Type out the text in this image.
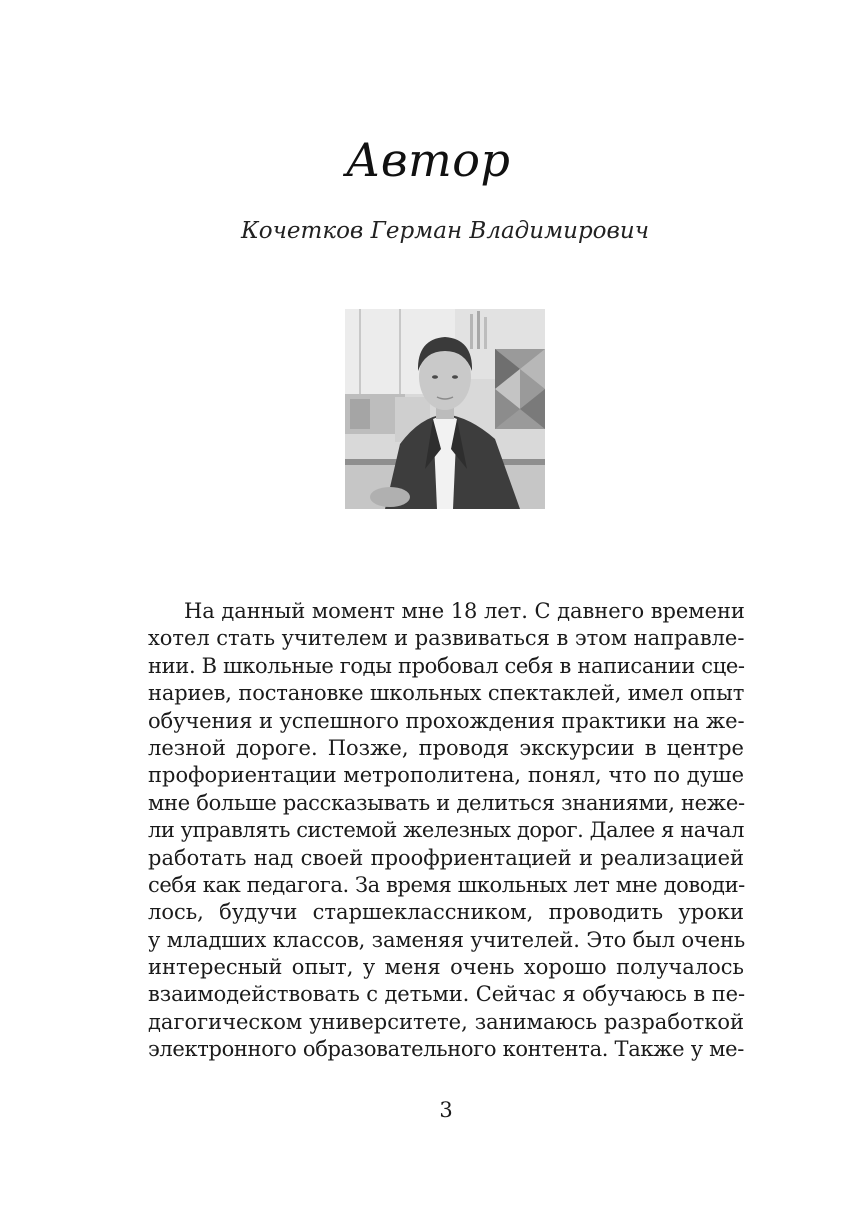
Автор
Кочетков Герман Владимирович
На данный момент мне 18 лет. С давнего времени
хотел стать учителем и развиваться в этом направле-
нии. В школьные годы пробовал себя в написании сце-
нариев, постановке школьных спектаклей, имел опыт
обучения и успешного прохождения практики на же-
лезной дороге. Позже, проводя экскурсии в центре
профориентации метрополитена, понял, что по душе
мне больше рассказывать и делиться знаниями, неже-
ли управлять системой железных дорог. Далее я начал
работать над своей проофриентацией и реализацией
себя как педагога. За время школьных лет мне доводи-
лось, будучи старшеклассником, проводить уроки
у младших классов, заменяя учителей. Это был очень
интересный опыт, у меня очень хорошо получалось
взаимодействовать с детьми. Сейчас я обучаюсь в пе-
дагогическом университете, занимаюсь разработкой
электронного образовательного контента. Также у ме-
3
